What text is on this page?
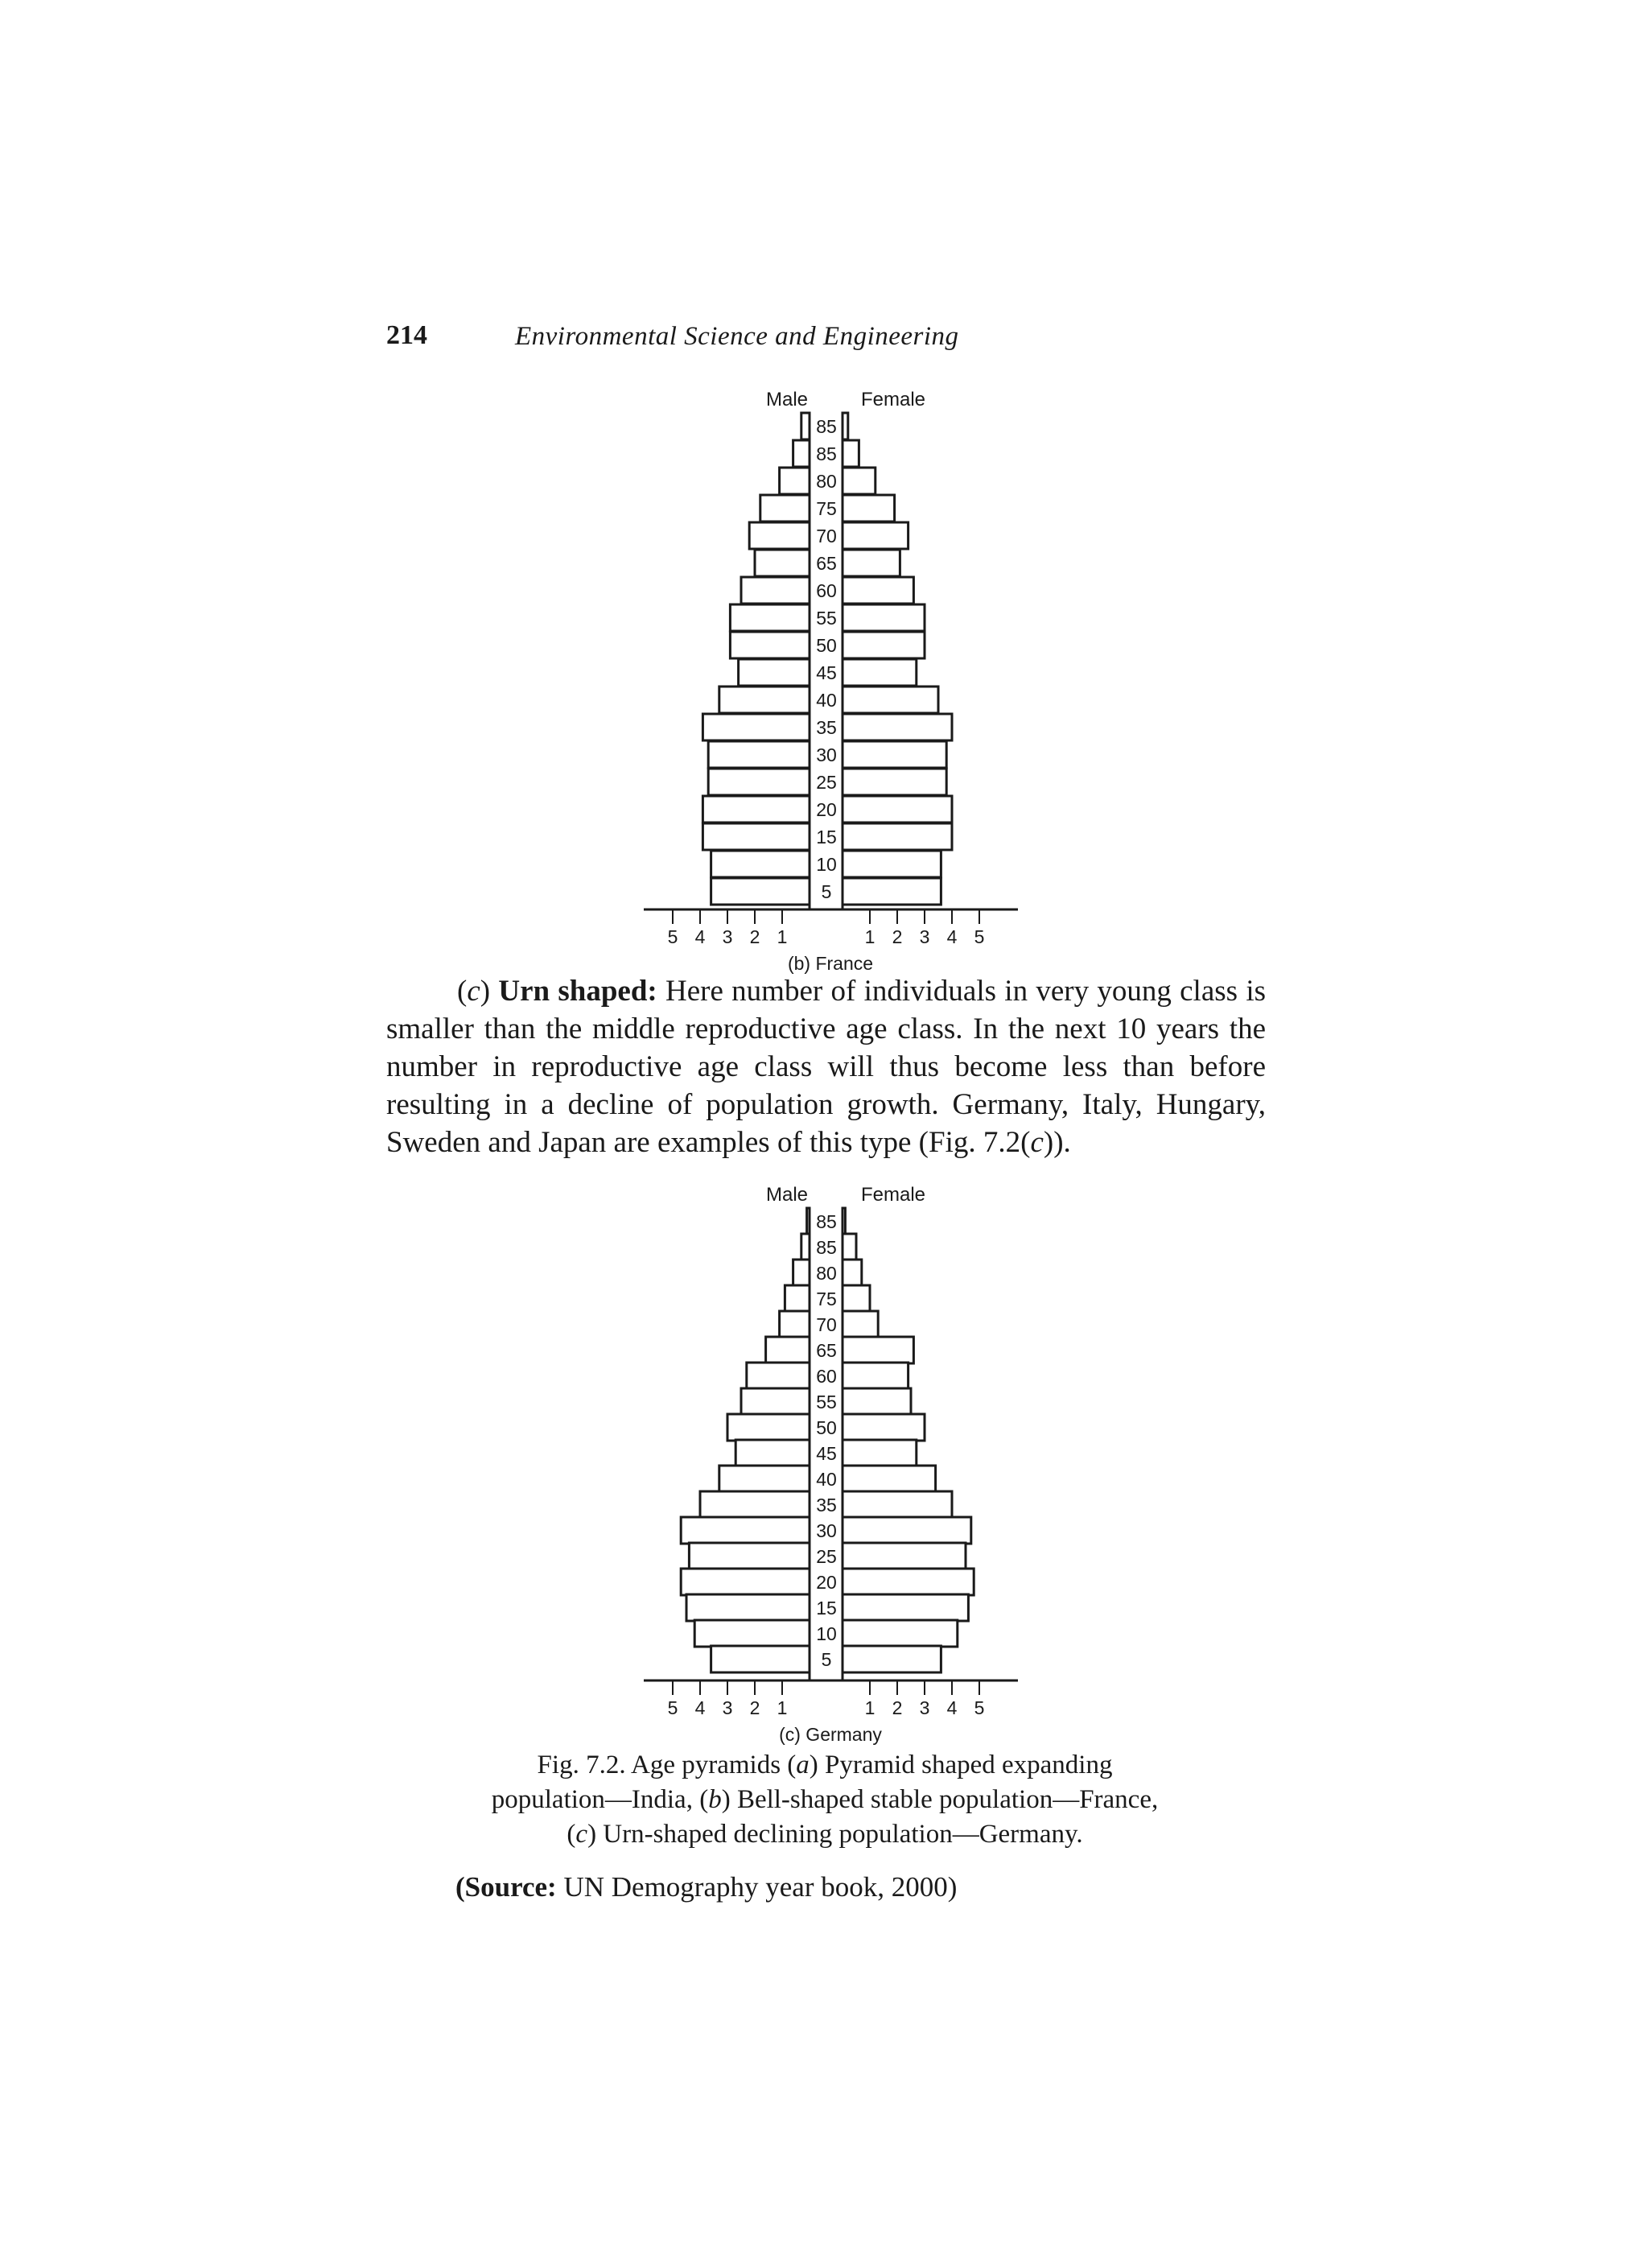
214	Environmental Science and Engineering
85
85
80
75
70
65
60
55
50
45
40
35
30
25
20
15
10
5
1	1
2	2
3	3
4	4
5	5
Male	Female
(b) France

(c) Urn shaped: Here number of individuals in very young class is smaller than the middle reproductive age class. In the next 10 years the number in reproductive age class will thus become less than before resulting in a decline of population growth. Germany, Italy, Hungary, Sweden and Japan are examples of this type (Fig. 7.2(c)).

85
85
80
75
70
65
60
55
50
45
40
35
30
25
20
15
10
5
1	1
2	2
3	3
4	4
5	5
Male	Female
(c) Germany

Fig. 7.2. Age pyramids (a) Pyramid shaped expanding
population—India, (b) Bell-shaped stable population—France,
(c) Urn-shaped declining population—Germany.

(Source: UN Demography year book, 2000)
